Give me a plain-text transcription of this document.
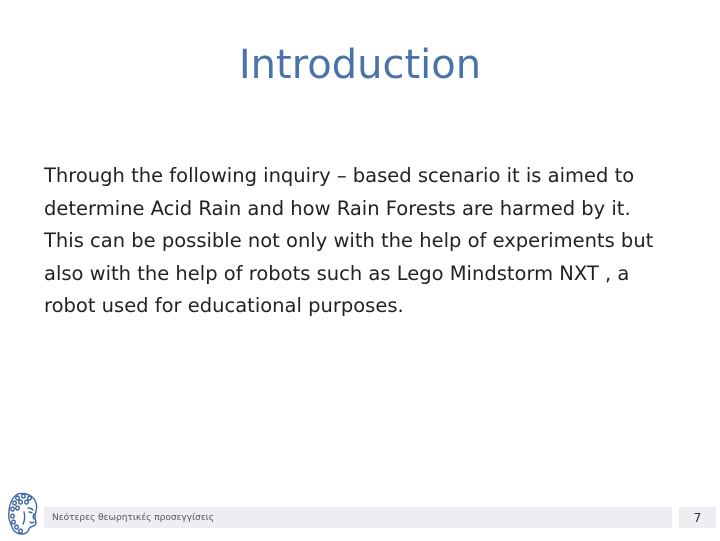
Introduction
Through the following inquiry – based scenario it is aimed to
determine Acid Rain and how Rain Forests are harmed by it.
This can be possible not only with the help of experiments but
also with the help of robots such as Lego Mindstorm NXT , a
robot used for educational purposes.
Νεότερες θεωρητικές προσεγγίσεις	7
